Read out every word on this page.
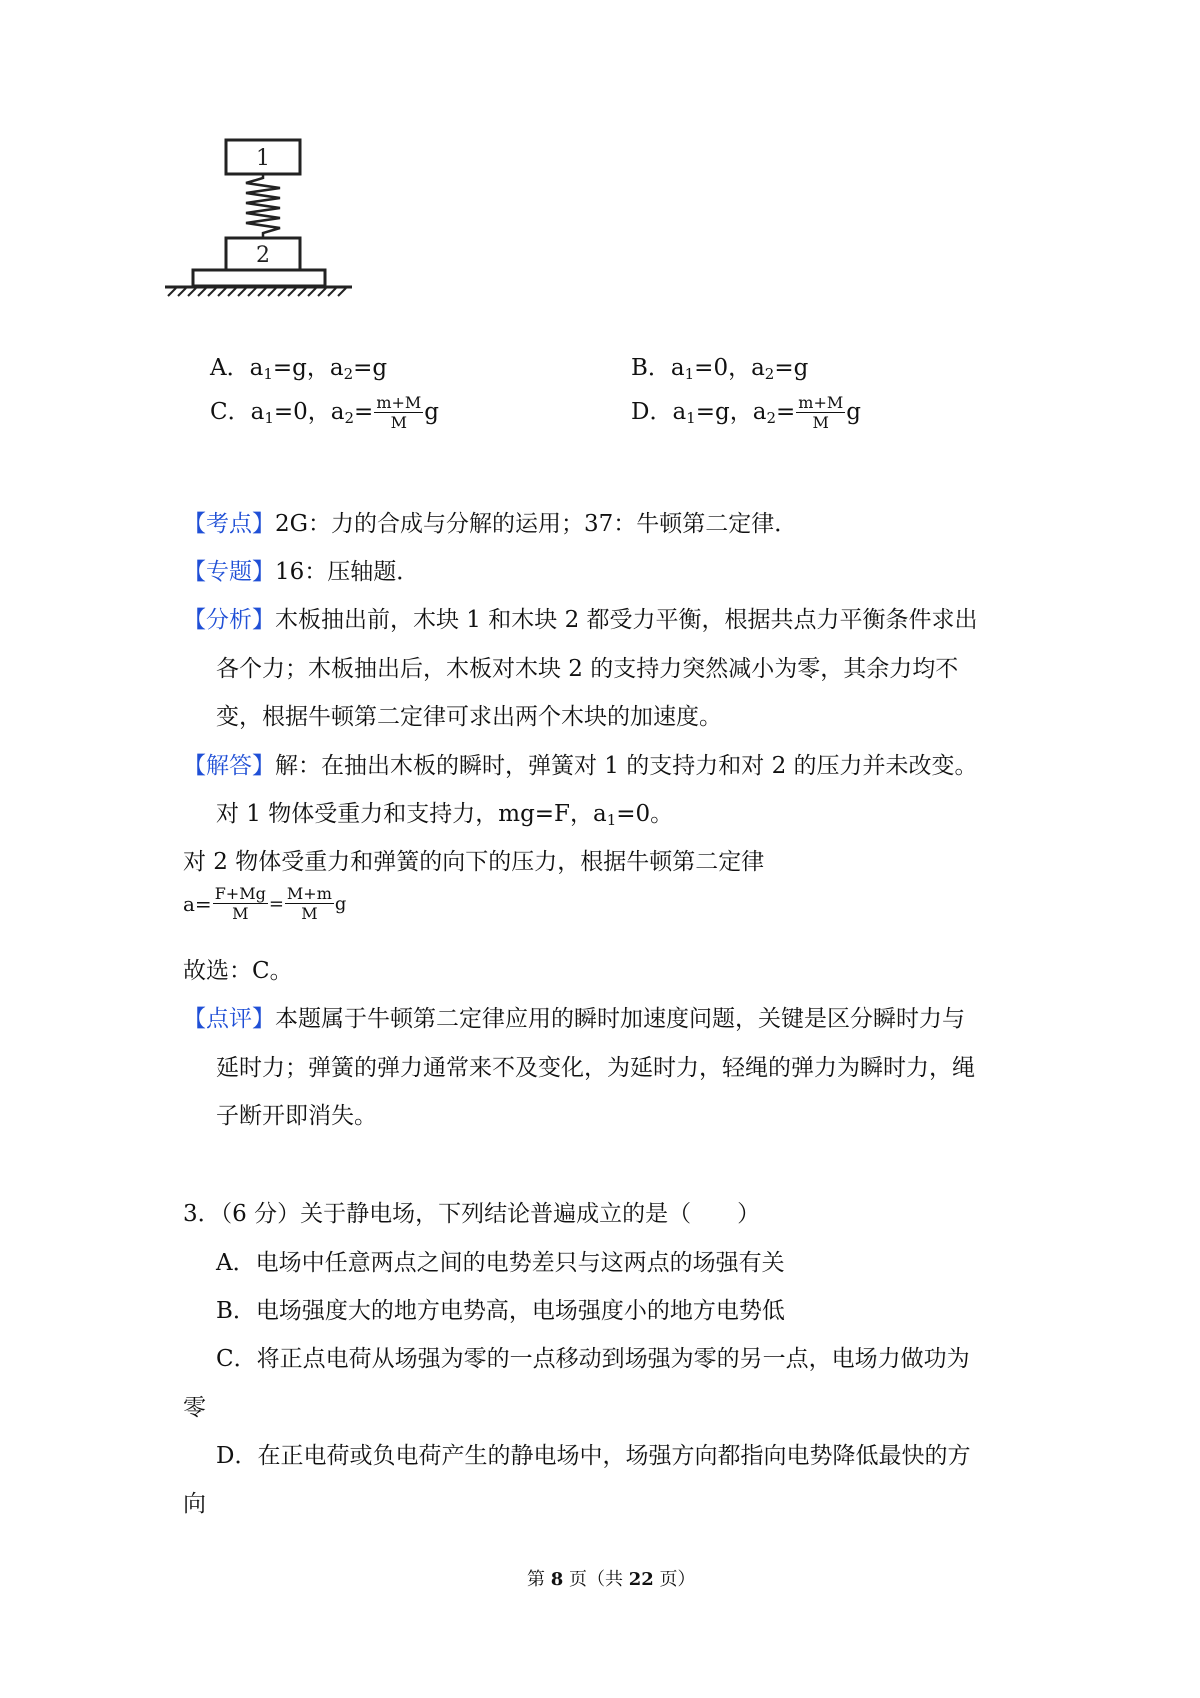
1
2
A．$a_1=g$，$a_2=g$	B．$a_1=0$，$a_2=g$
C．$a_1=0$，$a_2= \frac{m+M}{M}$ g	D．$a_1=g$，$a_2= \frac{m+M}{M}$ g
【考点】2G：力的合成与分解的运用；37：牛顿第二定律．
【专题】16：压轴题．
【分析】木板抽出前，木块 1 和木块 2 都受力平衡，根据共点力平衡条件求出
各个力；木板抽出后，木板对木块 2 的支持力突然减小为零，其余力均不
变，根据牛顿第二定律可求出两个木块的加速度。
【解答】解：在抽出木板的瞬时，弹簧对 1 的支持力和对 2 的压力并未改变。
对 1 物体受重力和支持力，mg=F，$a_1=0$。
对 2 物体受重力和弹簧的向下的压力，根据牛顿第二定律
$a= \frac{F+Mg}{M} = \frac{M+m}{M}$ g
故选：C。
【点评】本题属于牛顿第二定律应用的瞬时加速度问题，关键是区分瞬时力与
延时力；弹簧的弹力通常来不及变化，为延时力，轻绳的弹力为瞬时力，绳
子断开即消失。
3．（6 分）关于静电场，下列结论普遍成立的是（　　）
A．电场中任意两点之间的电势差只与这两点的场强有关
B．电场强度大的地方电势高，电场强度小的地方电势低
C．将正点电荷从场强为零的一点移动到场强为零的另一点，电场力做功为
零
D．在正电荷或负电荷产生的静电场中，场强方向都指向电势降低最快的方
向
第 8 页（共 22 页）
